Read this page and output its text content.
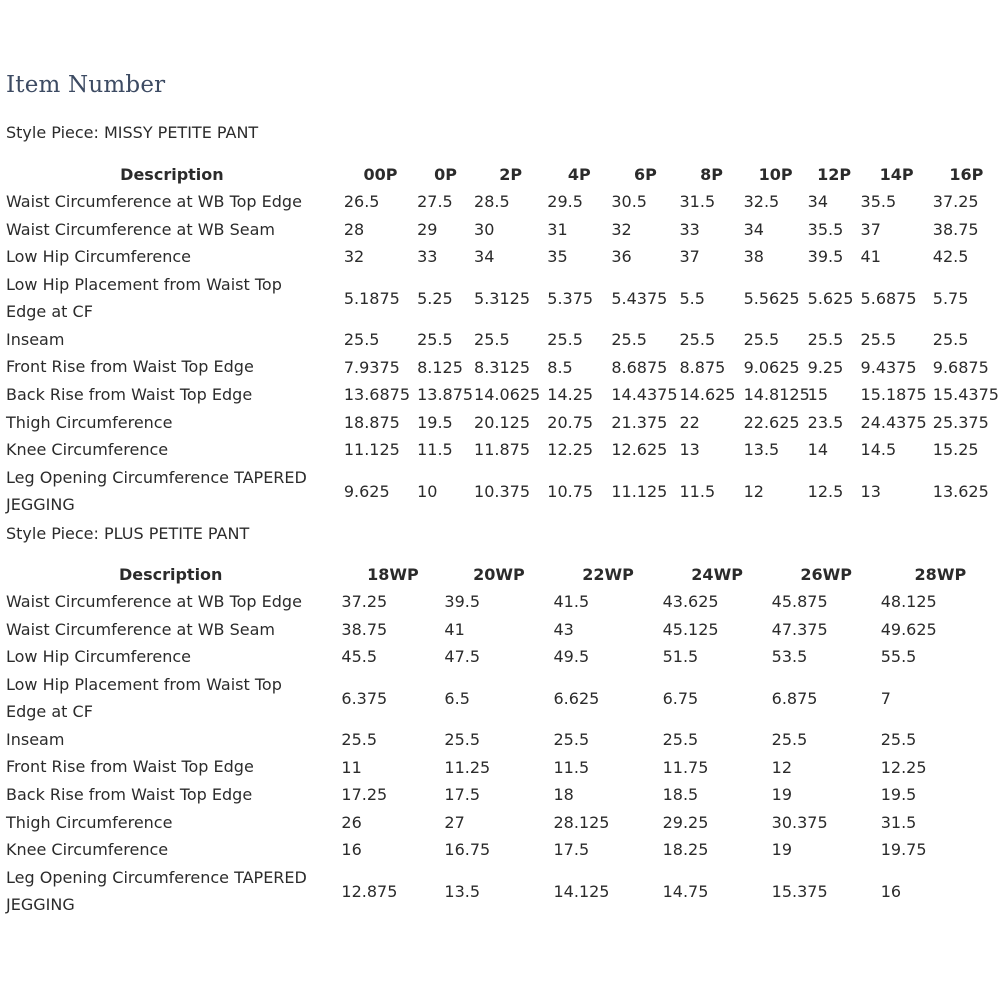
Item Number
Style Piece: MISSY PETITE PANT
Description	00P	0P	2P	4P	6P	8P	10P	12P	14P	16P
Waist Circumference at WB Top Edge	26.5	27.5	28.5	29.5	30.5	31.5	32.5	34	35.5	37.25
Waist Circumference at WB Seam	28	29	30	31	32	33	34	35.5	37	38.75
Low Hip Circumference	32	33	34	35	36	37	38	39.5	41	42.5
Low Hip Placement from Waist Top Edge at CF	5.1875	5.25	5.3125	5.375	5.4375	5.5	5.5625	5.625	5.6875	5.75
Inseam	25.5	25.5	25.5	25.5	25.5	25.5	25.5	25.5	25.5	25.5
Front Rise from Waist Top Edge	7.9375	8.125	8.3125	8.5	8.6875	8.875	9.0625	9.25	9.4375	9.6875
Back Rise from Waist Top Edge	13.6875	13.875	14.0625	14.25	14.4375	14.625	14.8125	15	15.1875	15.4375
Thigh Circumference	18.875	19.5	20.125	20.75	21.375	22	22.625	23.5	24.4375	25.375
Knee Circumference	11.125	11.5	11.875	12.25	12.625	13	13.5	14	14.5	15.25
Leg Opening Circumference TAPERED JEGGING	9.625	10	10.375	10.75	11.125	11.5	12	12.5	13	13.625
Style Piece: PLUS PETITE PANT
Description	18WP	20WP	22WP	24WP	26WP	28WP
Waist Circumference at WB Top Edge	37.25	39.5	41.5	43.625	45.875	48.125
Waist Circumference at WB Seam	38.75	41	43	45.125	47.375	49.625
Low Hip Circumference	45.5	47.5	49.5	51.5	53.5	55.5
Low Hip Placement from Waist Top Edge at CF	6.375	6.5	6.625	6.75	6.875	7
Inseam	25.5	25.5	25.5	25.5	25.5	25.5
Front Rise from Waist Top Edge	11	11.25	11.5	11.75	12	12.25
Back Rise from Waist Top Edge	17.25	17.5	18	18.5	19	19.5
Thigh Circumference	26	27	28.125	29.25	30.375	31.5
Knee Circumference	16	16.75	17.5	18.25	19	19.75
Leg Opening Circumference TAPERED JEGGING	12.875	13.5	14.125	14.75	15.375	16
